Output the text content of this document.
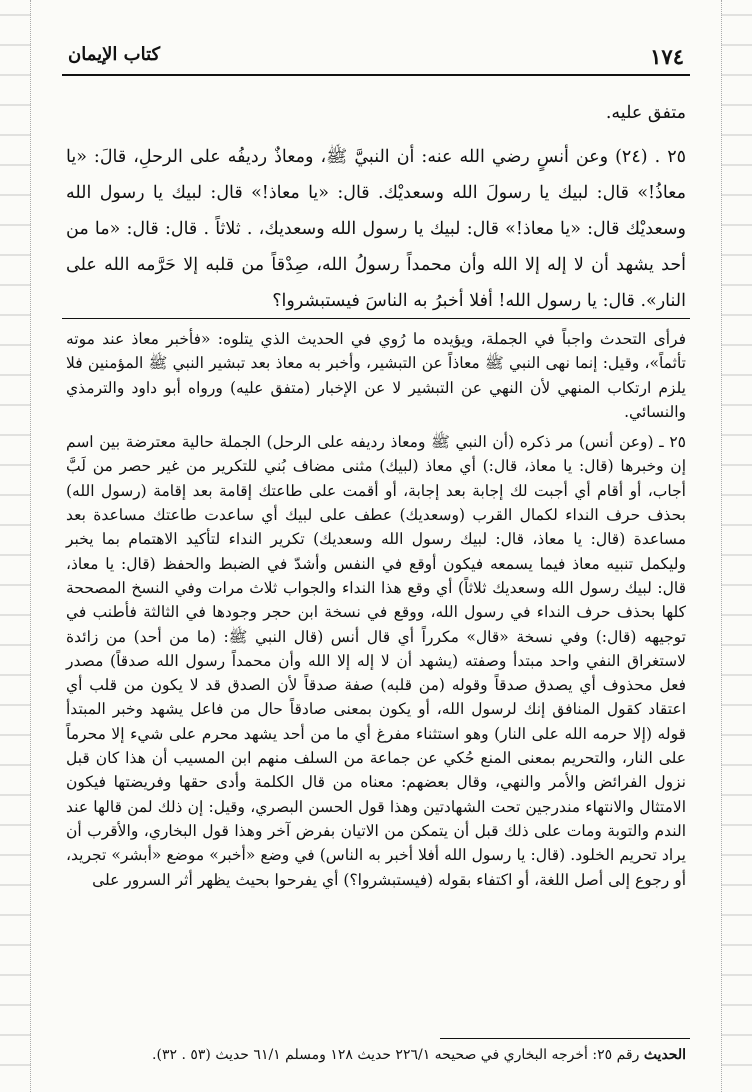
١٧٤
كتاب الإيمان

متفق عليه.

٢٥ . (٢٤) وعن أنسٍ رضي الله عنه: أن النبيَّ ﷺ، ومعاذٌ رديفُه على الرحلِ، قالَ: «يا معاذُ!» قال: لبيك يا رسولَ الله وسعديْك. قال: «يا معاذ!» قال: لبيك يا رسول الله وسعديْك قال: «يا معاذ!» قال: لبيك يا رسول الله وسعديك، . ثلاثاً . قال: قال: «ما من أحد يشهد أن لا إله إلا الله وأن محمداً رسولُ الله، صِدْقاً من قلبه إلا حَرَّمه الله على النار». قال: يا رسول الله! أفلا أخبرُ به الناسَ فيستبشروا؟

فرأى التحدث واجباً في الجملة، ويؤيده ما رُوي في الحديث الذي يتلوه: «فأخبر معاذ عند موته تأثماً»، وقيل: إنما نهى النبي ﷺ معاذاً عن التبشير، وأخبر به معاذ بعد تبشير النبي ﷺ المؤمنين فلا يلزم ارتكاب المنهي لأن النهي عن التبشير لا عن الإخبار (متفق عليه) ورواه أبو داود والترمذي والنسائي.

٢٥ ـ (وعن أنس) مر ذكره (أن النبي ﷺ ومعاذ رديفه على الرحل) الجملة حالية معترضة بين اسم إن وخبرها (قال: يا معاذ، قال:) أي معاذ (لبيك) مثنى مضاف بُني للتكرير من غير حصر من لَبَّ أجاب، أو أقام أي أجبت لك إجابة بعد إجابة، أو أقمت على طاعتك إقامة بعد إقامة (رسول الله) بحذف حرف النداء لكمال القرب (وسعديك) عطف على لبيك أي ساعدت طاعتك مساعدة بعد مساعدة (قال: يا معاذ، قال: لبيك رسول الله وسعديك) تكرير النداء لتأكيد الاهتمام بما يخبر وليكمل تنبيه معاذ فيما يسمعه فيكون أوقع في النفس وأشدّ في الضبط والحفظ (قال: يا معاذ، قال: لبيك رسول الله وسعديك ثلاثاً) أي وقع هذا النداء والجواب ثلاث مرات وفي النسخ المصححة كلها بحذف حرف النداء في رسول الله، ووقع في نسخة ابن حجر وجودها في الثالثة فأطنب في توجيهه (قال:) وفي نسخة «قال» مكرراً أي قال أنس (قال النبي ﷺ: (ما من أحد) من زائدة لاستغراق النفي واحد مبتدأ وصفته (يشهد أن لا إله إلا الله وأن محمداً رسول الله صدقاً) مصدر فعل محذوف أي يصدق صدقاً وقوله (من قلبه) صفة صدقاً لأن الصدق قد لا يكون من قلب أي اعتقاد كقول المنافق إنك لرسول الله، أو يكون بمعنى صادقاً حال من فاعل يشهد وخبر المبتدأ قوله (إلا حرمه الله على النار) وهو استثناء مفرغ أي ما من أحد يشهد محرم على شيء إلا محرماً على النار، والتحريم بمعنى المنع حُكي عن جماعة من السلف منهم ابن المسيب أن هذا كان قبل نزول الفرائض والأمر والنهي، وقال بعضهم: معناه من قال الكلمة وأدى حقها وفريضتها فيكون الامتثال والانتهاء مندرجين تحت الشهادتين وهذا قول الحسن البصري، وقيل: إن ذلك لمن قالها عند الندم والتوبة ومات على ذلك قبل أن يتمكن من الاتيان بفرض آخر وهذا قول البخاري، والأقرب أن يراد تحريم الخلود. (قال: يا رسول الله أفلا أخبر به الناس) في وضع «أخبر» موضع «أبشر» تجريد، أو رجوع إلى أصل اللغة، أو اكتفاء بقوله (فيستبشروا؟) أي يفرحوا بحيث يظهر أثر السرور على

الحديث رقم ٢٥: أخرجه البخاري في صحيحه ٢٢٦/١ حديث ١٢٨ ومسلم ٦١/١ حديث (٥٣ . ٣٢).
